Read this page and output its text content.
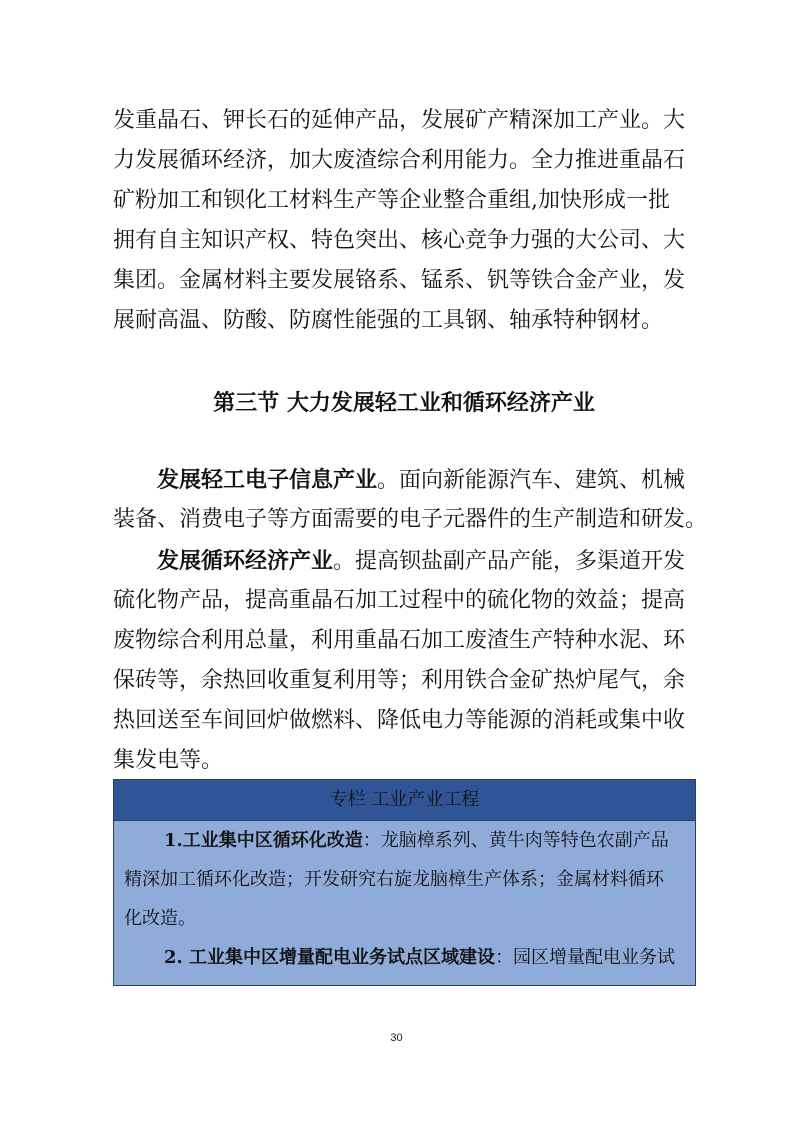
发重晶石、钾长石的延伸产品，发展矿产精深加工产业。大
力发展循环经济，加大废渣综合利用能力。全力推进重晶石
矿粉加工和钡化工材料生产等企业整合重组,加快形成一批
拥有自主知识产权、特色突出、核心竞争力强的大公司、大
集团。金属材料主要发展铬系、锰系、钒等铁合金产业，发
展耐高温、防酸、防腐性能强的工具钢、轴承特种钢材。
第三节 大力发展轻工业和循环经济产业
发展轻工电子信息产业。面向新能源汽车、建筑、机械
装备、消费电子等方面需要的电子元器件的生产制造和研发。
发展循环经济产业。提高钡盐副产品产能，多渠道开发
硫化物产品，提高重晶石加工过程中的硫化物的效益；提高
废物综合利用总量，利用重晶石加工废渣生产特种水泥、环
保砖等，余热回收重复利用等；利用铁合金矿热炉尾气，余
热回送至车间回炉做燃料、降低电力等能源的消耗或集中收
集发电等。
专栏 工业产业工程
1.工业集中区循环化改造：龙脑樟系列、黄牛肉等特色农副产品
精深加工循环化改造；开发研究右旋龙脑樟生产体系；金属材料循环
化改造。
2. 工业集中区增量配电业务试点区域建设：园区增量配电业务试
30
